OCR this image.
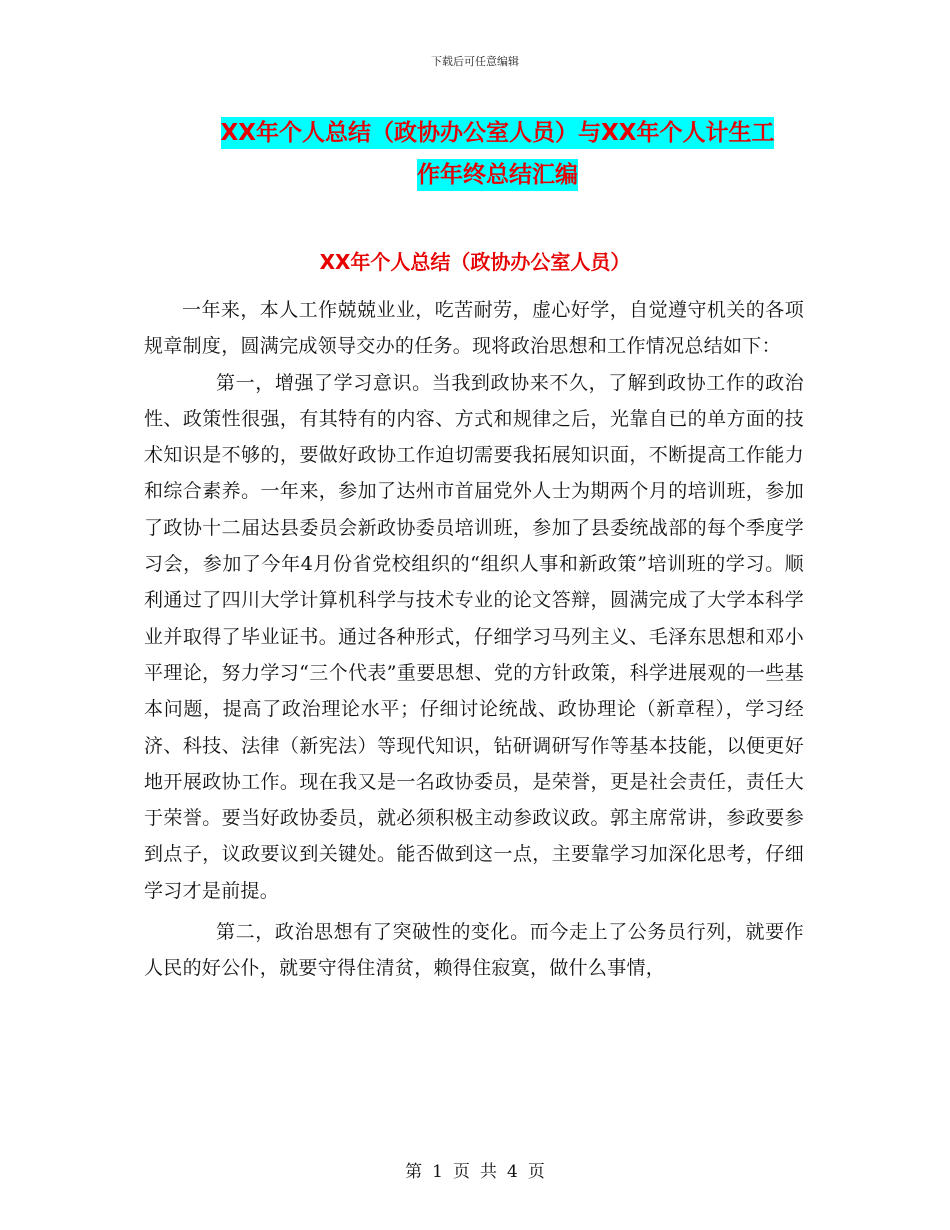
下载后可任意编辑
XX年个人总结（政协办公室人员）与XX年个人计生工
作年终总结汇编
XX年个人总结（政协办公室人员）

一年来，本人工作兢兢业业，吃苦耐劳，虚心好学，自觉遵守机关的各项规章制度，圆满完成领导交办的任务。现将政治思想和工作情况总结如下：

第一，增强了学习意识。当我到政协来不久，了解到政协工作的政治性、政策性很强，有其特有的内容、方式和规律之后，光靠自已的单方面的技术知识是不够的，要做好政协工作迫切需要我拓展知识面，不断提高工作能力和综合素养。一年来，参加了达州市首届党外人士为期两个月的培训班，参加了政协十二届达县委员会新政协委员培训班，参加了县委统战部的每个季度学习会，参加了今年4月份省党校组织的“组织人事和新政策”培训班的学习。顺利通过了四川大学计算机科学与技术专业的论文答辩，圆满完成了大学本科学业并取得了毕业证书。通过各种形式，仔细学习马列主义、毛泽东思想和邓小平理论，努力学习“三个代表”重要思想、党的方针政策，科学进展观的一些基本问题，提高了政治理论水平；仔细讨论统战、政协理论（新章程），学习经济、科技、法律（新宪法）等现代知识，钻研调研写作等基本技能，以便更好地开展政协工作。现在我又是一名政协委员，是荣誉，更是社会责任，责任大于荣誉。要当好政协委员，就必须积极主动参政议政。郭主席常讲，参政要参到点子，议政要议到关键处。能否做到这一点，主要靠学习加深化思考，仔细学习才是前提。

第二，政治思想有了突破性的变化。而今走上了公务员行列，就要作人民的好公仆，就要守得住清贫，赖得住寂寞，做什么事情，

第 1 页 共 4 页
